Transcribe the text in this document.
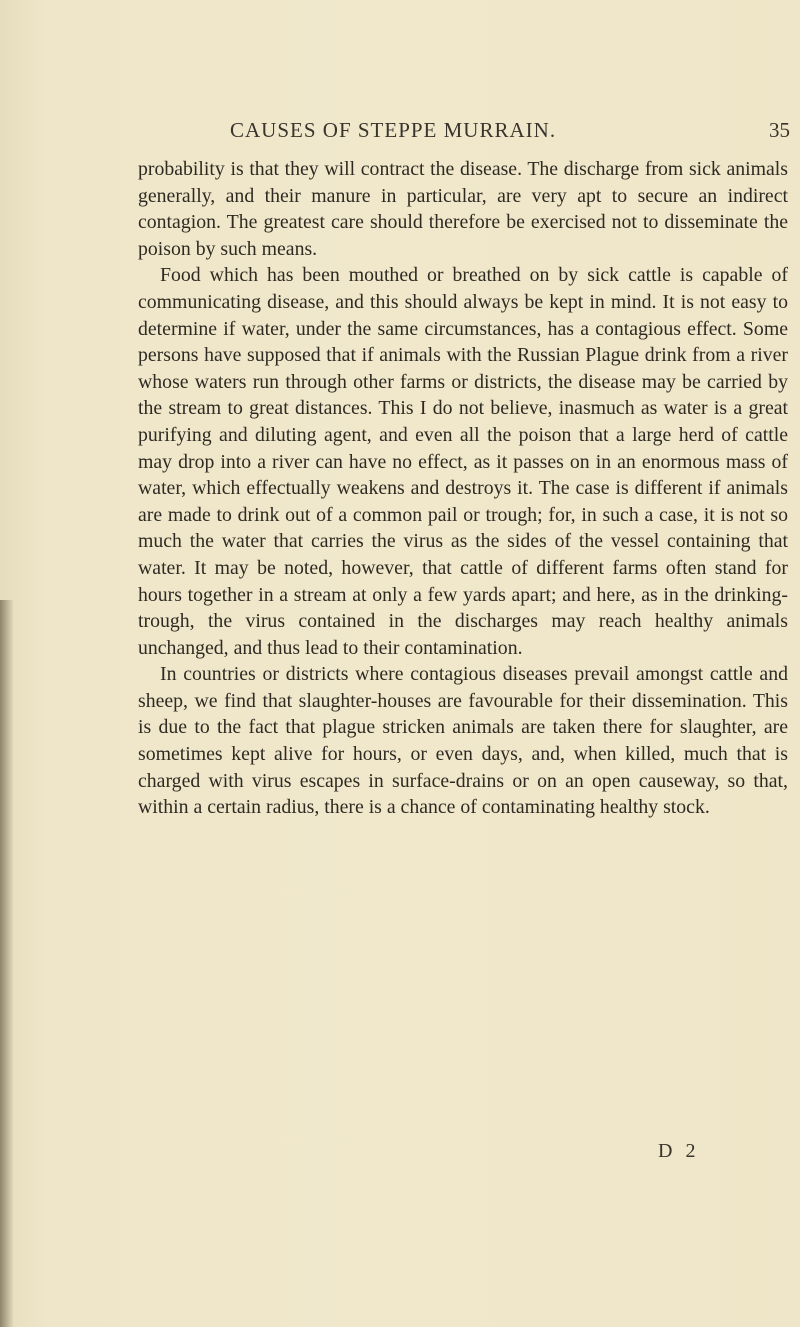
CAUSES OF STEPPE MURRAIN.	35

probability is that they will contract the disease. The discharge from sick animals generally, and their manure in particular, are very apt to secure an indirect contagion. The greatest care should therefore be exercised not to disseminate the poison by such means.

Food which has been mouthed or breathed on by sick cattle is capable of communicating disease, and this should always be kept in mind. It is not easy to determine if water, under the same circumstances, has a contagious effect. Some persons have supposed that if animals with the Russian Plague drink from a river whose waters run through other farms or districts, the disease may be carried by the stream to great distances. This I do not believe, inasmuch as water is a great purifying and diluting agent, and even all the poison that a large herd of cattle may drop into a river can have no effect, as it passes on in an enormous mass of water, which effectually weakens and destroys it. The case is different if animals are made to drink out of a common pail or trough; for, in such a case, it is not so much the water that carries the virus as the sides of the vessel containing that water. It may be noted, however, that cattle of different farms often stand for hours together in a stream at only a few yards apart; and here, as in the drinking-trough, the virus contained in the discharges may reach healthy animals unchanged, and thus lead to their contamination.

In countries or districts where contagious diseases prevail amongst cattle and sheep, we find that slaughter-houses are favourable for their dissemination. This is due to the fact that plague stricken animals are taken there for slaughter, are sometimes kept alive for hours, or even days, and, when killed, much that is charged with virus escapes in surface-drains or on an open causeway, so that, within a certain radius, there is a chance of contaminating healthy stock.

D 2
